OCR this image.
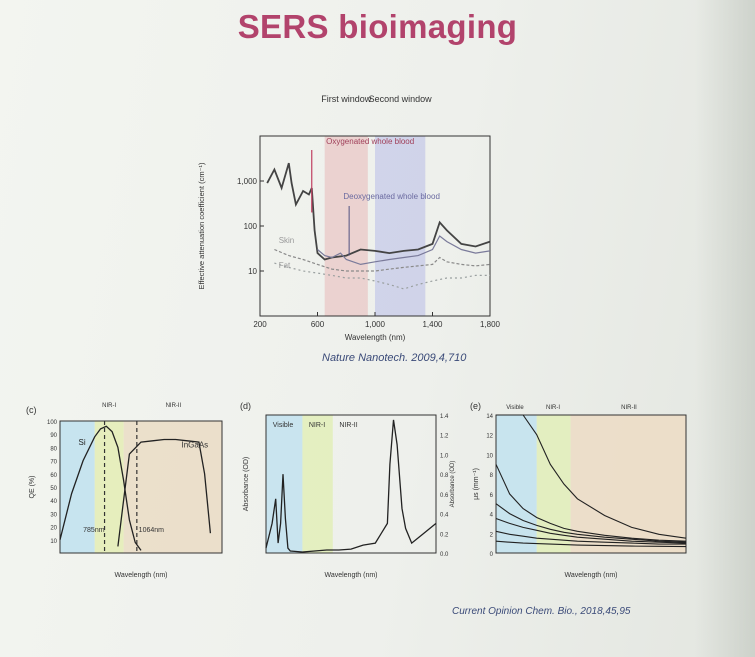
SERS bioimaging
First window
Second window
200	600	1,000	1,400	1,800
1,000
100
10
Wavelength (nm)
Effective attenuation coefficient (cm⁻¹)
Oxygenated whole blood
Deoxygenated whole blood
Skin
Fat
Nature Nanotech. 2009,4,710
(c)	NIR-I	NIR-II
10
20
30
40
50
60
70
80
90
100
Wavelength (nm)
QE (%)
Si	InGaAs
785nm	1064nm
(d)
Visible NIR-I NIR-II
1.4
1.2
1.0
0.8
0.6
0.4
0.2
0.0
Wavelength (nm)
Absorbance (OD)	Absorbance (OD)
(e)	Visible	NIR-I	NIR-II
14
12
10
8
6
4
2
0
Wavelength (nm)
μs (mm⁻¹)
Current Opinion Chem. Bio., 2018,45,95
